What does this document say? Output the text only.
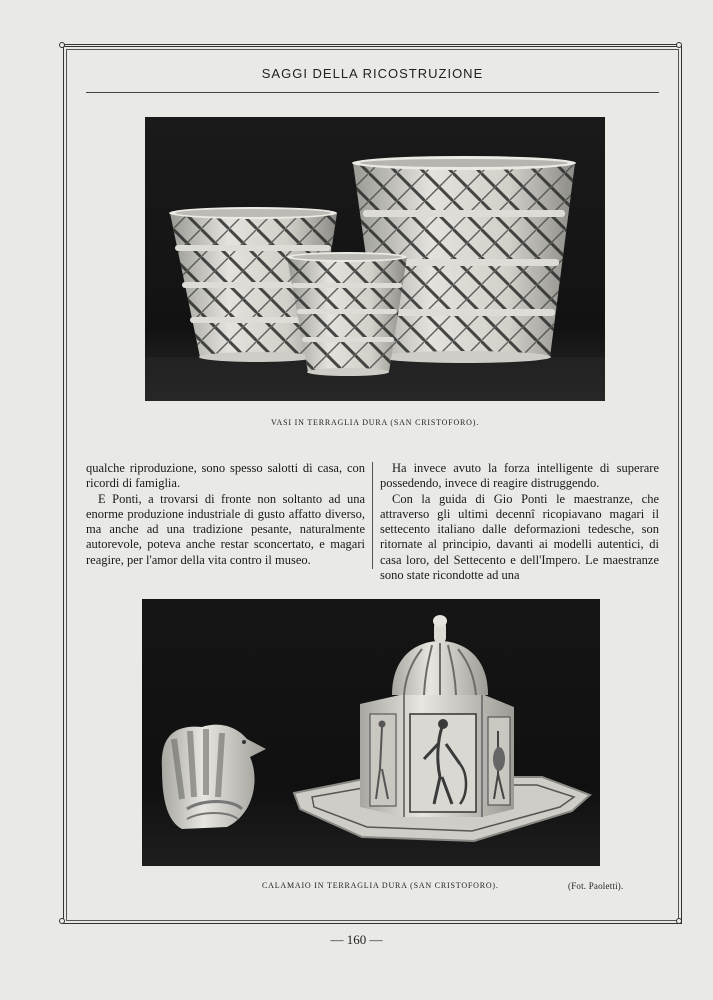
SAGGI DELLA RICOSTRUZIONE
VASI IN TERRAGLIA DURA (SAN CRISTOFORO).

qualche riproduzione, sono spesso salotti di casa, con ricordi di famiglia.

E Ponti, a trovarsi di fronte non soltanto ad una enorme produzione industriale di gusto affatto diverso, ma anche ad una tradizione pesante, naturalmente autorevole, poteva anche restar sconcertato, e magari reagire, per l'amor della vita contro il museo.

Ha invece avuto la forza intelligente di superare possedendo, invece di reagire distruggendo.

Con la guida di Gio Ponti le maestranze, che attraverso gli ultimi decennî ricopiavano magari il settecento italiano dalle deformazioni tedesche, son ritornate al principio, davanti ai modelli autentici, di casa loro, del Settecento e dell'Impero. Le maestranze sono state ricondotte ad una

CALAMAIO IN TERRAGLIA DURA (SAN CRISTOFORO).	(Fot. Paoletti).
— 160 —
